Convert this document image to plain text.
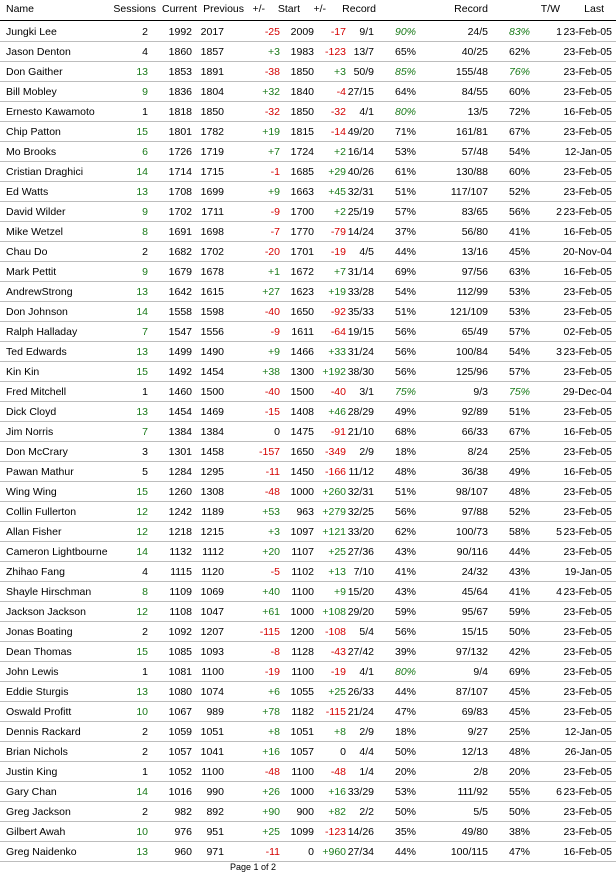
Name	Sessions Current Previous +/- Start +/- Record	Record	T/W Last
Jungki Lee	2 1992 2017	-25 2009 -17 9/1 90%	24/5 83% 1 23-Feb-05
Jason Denton	4 1860 1857	+3 1983 -123 13/7 65%	40/25 62%	23-Feb-05
Don Gaither	13 1853 1891	-38 1850 +3 50/9 85%	155/48 76%	23-Feb-05
Bill Mobley	9 1836 1804	+32 1840 -4 27/15 64%	84/55 60%	23-Feb-05
Ernesto Kawamoto	1 1818 1850	-32 1850 -32 4/1 80%	13/5 72%	16-Feb-05
Chip Patton	15 1801 1782	+19 1815 -14 49/20 71%	161/81 67%	23-Feb-05
Mo Brooks	6 1726 1719	+7 1724 +2 16/14 53%	57/48 54%	12-Jan-05
Cristian Draghici	14 1714 1715	-1 1685 +29 40/26 61%	130/88 60%	23-Feb-05
Ed Watts	13 1708 1699	+9 1663 +45 32/31 51%	117/107 52%	23-Feb-05
David Wilder	9 1702 1711	-9 1700 +2 25/19 57%	83/65 56% 2 23-Feb-05
Mike Wetzel	8 1691 1698	-7 1770 -79 14/24 37%	56/80 41%	16-Feb-05
Chau Do	2 1682 1702	-20 1701 -19 4/5 44%	13/16 45%	20-Nov-04
Mark Pettit	9 1679 1678	+1 1672 +7 31/14 69%	97/56 63%	16-Feb-05
AndrewStrong	13 1642 1615	+27 1623 +19 33/28 54%	112/99 53%	23-Feb-05
Don Johnson	14 1558 1598	-40 1650 -92 35/33 51%	121/109 53%	23-Feb-05
Ralph Halladay	7 1547 1556	-9 1611 -64 19/15 56%	65/49 57%	02-Feb-05
Ted Edwards	13 1499 1490	+9 1466 +33 31/24 56%	100/84 54% 3 23-Feb-05
Kin Kin	15 1492 1454	+38 1300 +192 38/30 56%	125/96 57%	23-Feb-05
Fred Mitchell	1 1460 1500	-40 1500 -40 3/1 75%	9/3 75%	29-Dec-04
Dick Cloyd	13 1454 1469	-15 1408 +46 28/29 49%	92/89 51%	23-Feb-05
Jim Norris	7 1384 1384	0 1475 -91 21/10 68%	66/33 67%	16-Feb-05
Don McCrary	3 1301 1458	-157 1650 -349 2/9 18%	8/24 25%	23-Feb-05
Pawan Mathur	5 1284 1295	-11 1450 -166 11/12 48%	36/38 49%	16-Feb-05
Wing Wing	15 1260 1308	-48 1000 +260 32/31 51%	98/107 48%	23-Feb-05
Collin Fullerton	12 1242 1189	+53 963 +279 32/25 56%	97/88 52%	23-Feb-05
Allan Fisher	12 1218 1215	+3 1097 +121 33/20 62%	100/73 58% 5 23-Feb-05
Cameron Lightbourne	14 1132 1112	+20 1107 +25 27/36 43%	90/116 44%	23-Feb-05
Zhihao Fang	4 1115 1120	-5 1102 +13 7/10 41%	24/32 43%	19-Jan-05
Shayle Hirschman	8 1109 1069	+40 1100 +9 15/20 43%	45/64 41% 4 23-Feb-05
Jackson Jackson	12 1108 1047	+61 1000 +108 29/20 59%	95/67 59%	23-Feb-05
Jonas Boating	2 1092 1207	-115 1200 -108 5/4 56%	15/15 50%	23-Feb-05
Dean Thomas	15 1085 1093	-8 1128 -43 27/42 39%	97/132 42%	23-Feb-05
John Lewis	1 1081 1100	-19 1100 -19 4/1 80%	9/4 69%	23-Feb-05
Eddie Sturgis	13 1080 1074	+6 1055 +25 26/33 44%	87/107 45%	23-Feb-05
Oswald Profitt	10 1067 989	+78 1182 -115 21/24 47%	69/83 45%	23-Feb-05
Dennis Rackard	2 1059 1051	+8 1051 +8 2/9 18%	9/27 25%	12-Jan-05
Brian Nichols	2 1057 1041	+16 1057 0 4/4 50%	12/13 48%	26-Jan-05
Justin King	1 1052 1100	-48 1100 -48 1/4 20%	2/8 20%	23-Feb-05
Gary Chan	14 1016 990	+26 1000 +16 33/29 53%	111/92 55% 6 23-Feb-05
Greg Jackson	2	982 892	+90 900 +82 2/2 50%	5/5 50%	23-Feb-05
Gilbert Awah	10	976 951	+25 1099 -123 14/26 35%	49/80 38%	23-Feb-05
Greg Naidenko	13	960 971	-11	0 +960 27/34 44%	100/115 47%	16-Feb-05
Page 1 of 2
